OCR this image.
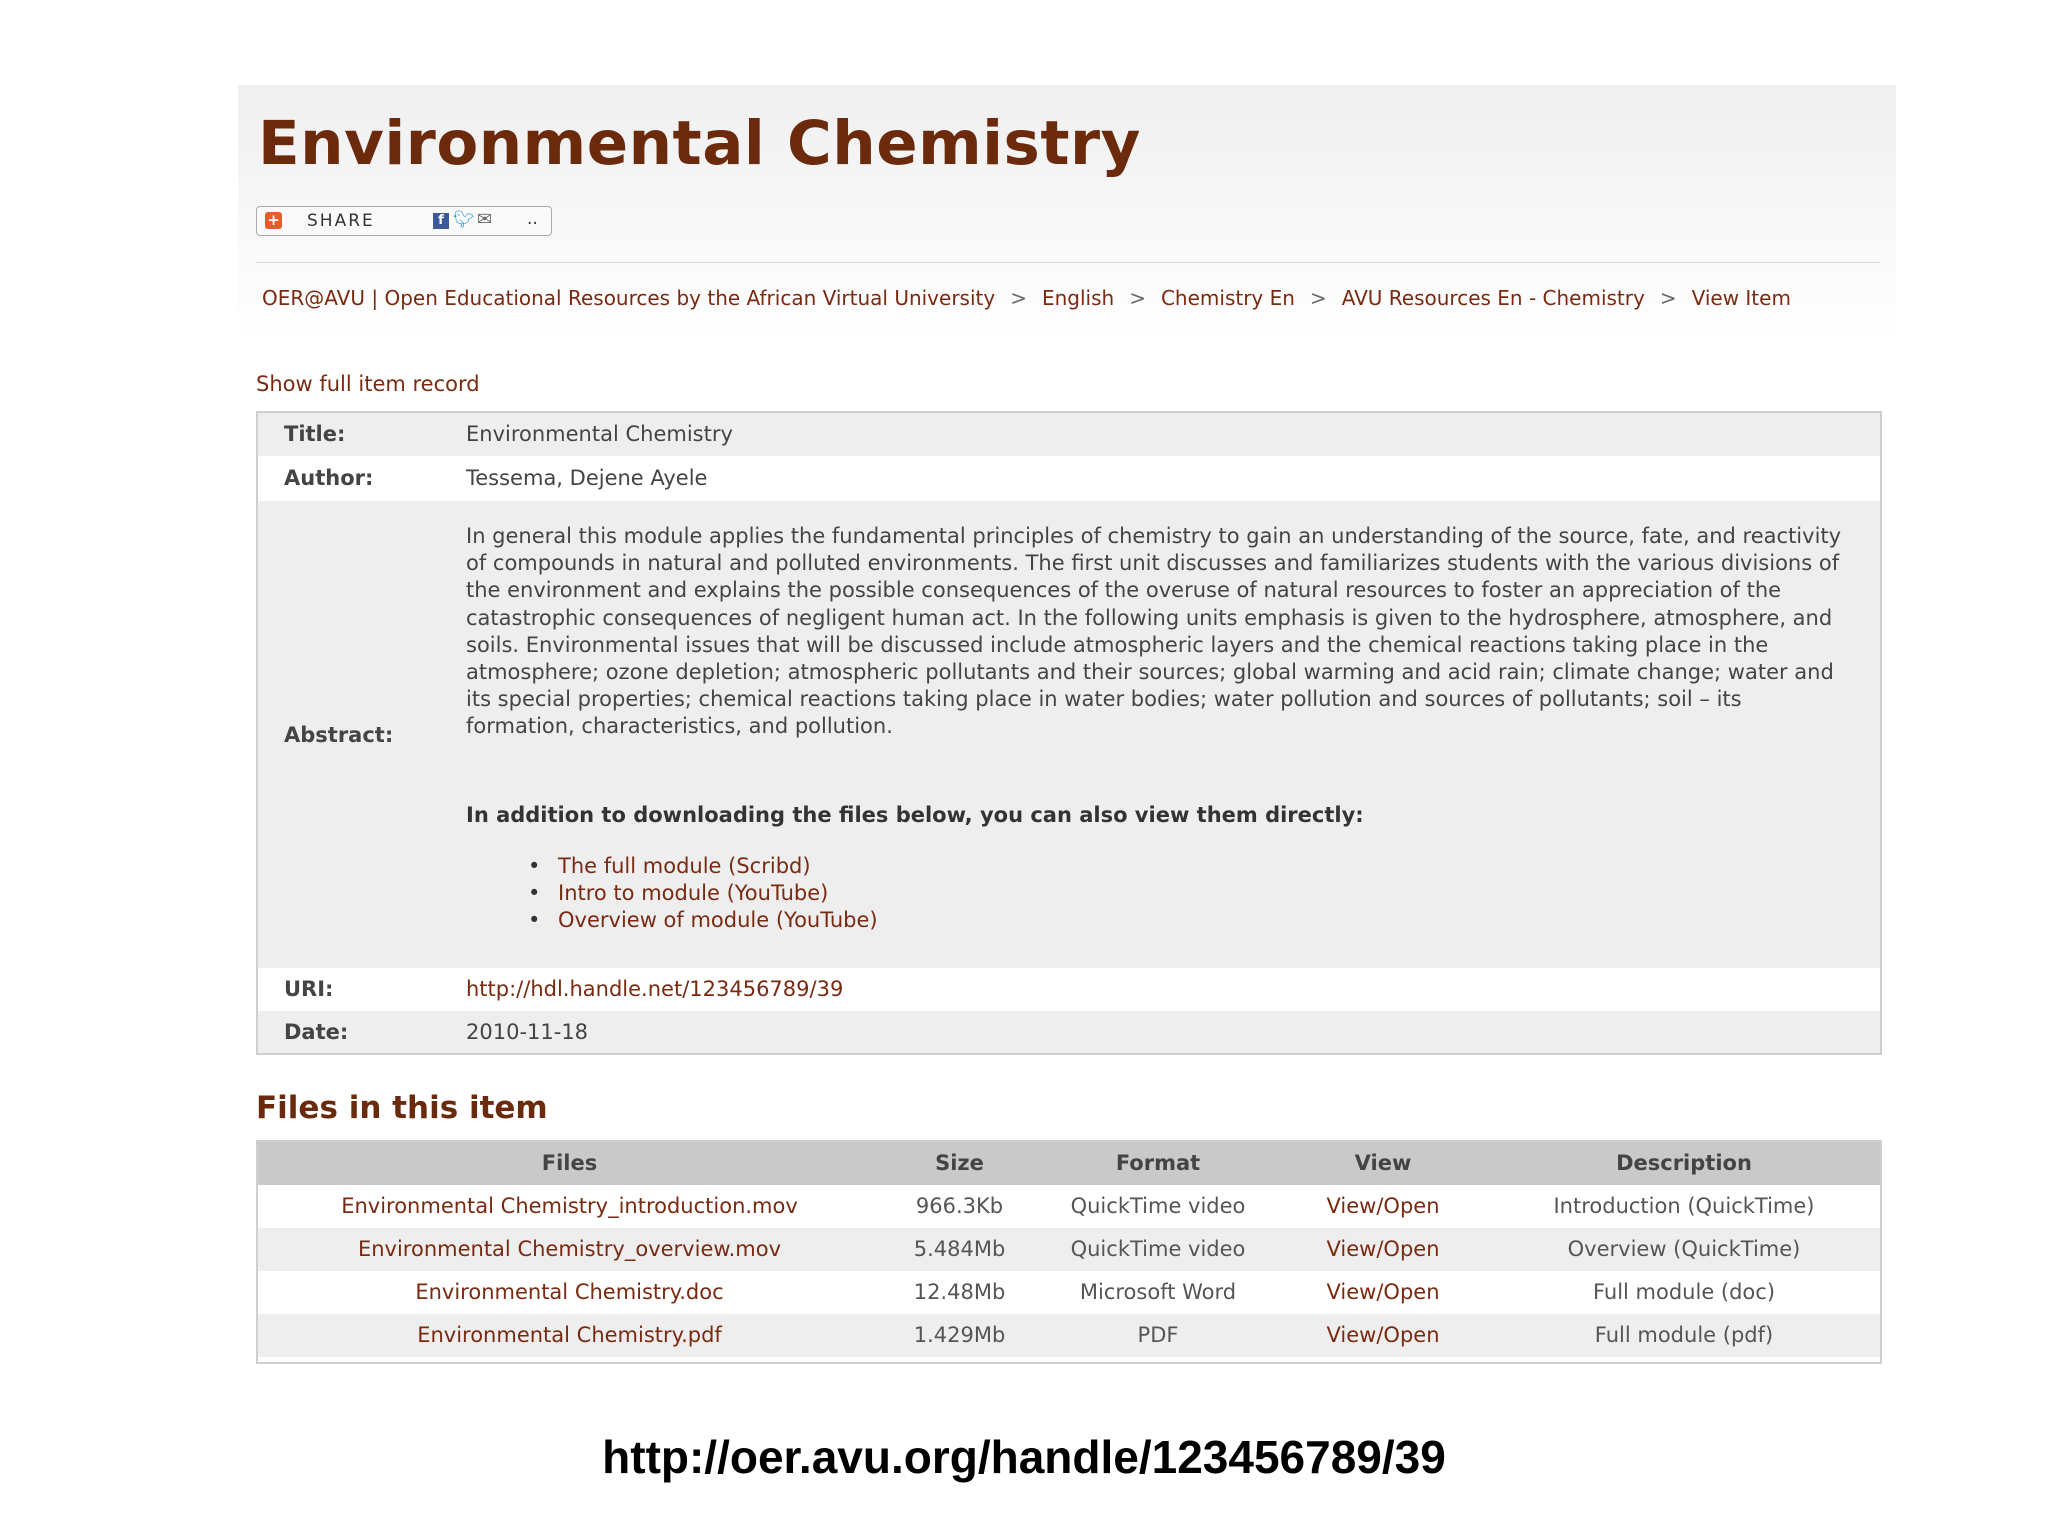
Environmental Chemistry
+ SHARE	f 🐦︎ ✉ ..
OER@AVU | Open Educational Resources by the African Virtual University > English > Chemistry En > AVU Resources En - Chemistry > View Item
Show full item record
Title:	Environmental Chemistry
Author:	Tessema, Dejene Ayele
Abstract:
In general this module applies the fundamental principles of chemistry to gain an understanding of the source, fate, and reactivity of compounds in natural and polluted environments. The first unit discusses and familiarizes students with the various divisions of the environment and explains the possible consequences of the overuse of natural resources to foster an appreciation of the catastrophic consequences of negligent human act. In the following units emphasis is given to the hydrosphere, atmosphere, and soils. Environmental issues that will be discussed include atmospheric layers and the chemical reactions taking place in the atmosphere; ozone depletion; atmospheric pollutants and their sources; global warming and acid rain; climate change; water and its special properties; chemical reactions taking place in water bodies; water pollution and sources of pollutants; soil – its formation, characteristics, and pollution.
In addition to downloading the files below, you can also view them directly:
• The full module (Scribd)
• Intro to module (YouTube)
• Overview of module (YouTube)
URI:	http://hdl.handle.net/123456789/39
Date:	2010-11-18
Files in this item
Files	Size	Format	View	Description
Environmental Chemistry_introduction.mov	966.3Kb	QuickTime video	View/Open	Introduction (QuickTime)
Environmental Chemistry_overview.mov	5.484Mb	QuickTime video	View/Open	Overview (QuickTime)
Environmental Chemistry.doc	12.48Mb	Microsoft Word	View/Open	Full module (doc)
Environmental Chemistry.pdf	1.429Mb	PDF	View/Open	Full module (pdf)
http://oer.avu.org/handle/123456789/39
